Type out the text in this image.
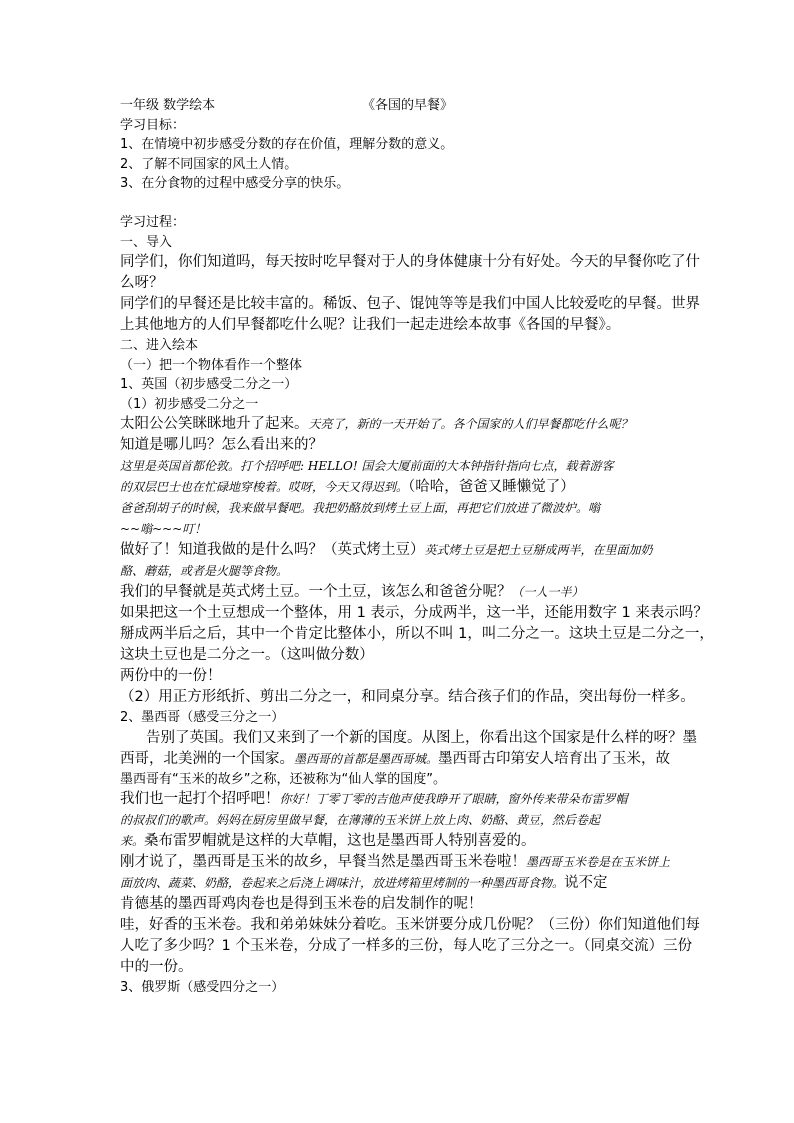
一年级 数学绘本	《各国的早餐》
学习目标：
1、在情境中初步感受分数的存在价值，理解分数的意义。
2、了解不同国家的风土人情。
3、在分食物的过程中感受分享的快乐。
学习过程：
一、导入
同学们，你们知道吗，每天按时吃早餐对于人的身体健康十分有好处。今天的早餐你吃了什
么呀？
同学们的早餐还是比较丰富的。稀饭、包子、馄饨等等是我们中国人比较爱吃的早餐。世界
上其他地方的人们早餐都吃什么呢？让我们一起走进绘本故事《各国的早餐》。
二、进入绘本
（一）把一个物体看作一个整体
1、英国（初步感受二分之一）
（1）初步感受二分之一
太阳公公笑眯眯地升了起来。天亮了，新的一天开始了。各个国家的人们早餐都吃什么呢？
知道是哪儿吗？怎么看出来的？
这里是英国首都伦敦。打个招呼吧: HELLO! 国会大厦前面的大本钟指针指向七点，载着游客
的双层巴士也在忙碌地穿梭着。哎呀，今天又得迟到。（哈哈，爸爸又睡懒觉了）
爸爸刮胡子的时候，我来做早餐吧。我把奶酪放到烤土豆上面，再把它们放进了微波炉。嗡
~~嗡~~~叮！
做好了！知道我做的是什么吗？（英式烤土豆）英式烤土豆是把土豆掰成两半，在里面加奶
酪、蘑菇，或者是火腿等食物。
我们的早餐就是英式烤土豆。一个土豆，该怎么和爸爸分呢？（一人一半）
如果把这一个土豆想成一个整体，用 1 表示，分成两半，这一半，还能用数字 1 来表示吗？
掰成两半后之后，其中一个肯定比整体小，所以不叫 1，叫二分之一。这块土豆是二分之一，
这块土豆也是二分之一。（这叫做分数）
两份中的一份！
（2）用正方形纸折、剪出二分之一，和同桌分享。结合孩子们的作品，突出每份一样多。
2、墨西哥（感受三分之一）
告别了英国。我们又来到了一个新的国度。从图上，你看出这个国家是什么样的呀？墨
西哥，北美洲的一个国家。墨西哥的首都是墨西哥城。墨西哥古印第安人培育出了玉米，故
墨西哥有“玉米的故乡”之称，还被称为“仙人掌的国度”。
我们也一起打个招呼吧！你好！丁零丁零的吉他声使我睁开了眼睛，窗外传来带朵布雷罗帽
的叔叔们的歌声。妈妈在厨房里做早餐，在薄薄的玉米饼上放上肉、奶酪、黄豆，然后卷起
来。桑布雷罗帽就是这样的大草帽，这也是墨西哥人特别喜爱的。
刚才说了，墨西哥是玉米的故乡，早餐当然是墨西哥玉米卷啦！墨西哥玉米卷是在玉米饼上
面放肉、蔬菜、奶酪，卷起来之后浇上调味汁，放进烤箱里烤制的一种墨西哥食物。说不定
肯德基的墨西哥鸡肉卷也是得到玉米卷的启发制作的呢！
哇，好香的玉米卷。我和弟弟妹妹分着吃。玉米饼要分成几份呢？（三份）你们知道他们每
人吃了多少吗？1 个玉米卷，分成了一样多的三份，每人吃了三分之一。（同桌交流）三份
中的一份。
3、俄罗斯（感受四分之一）
